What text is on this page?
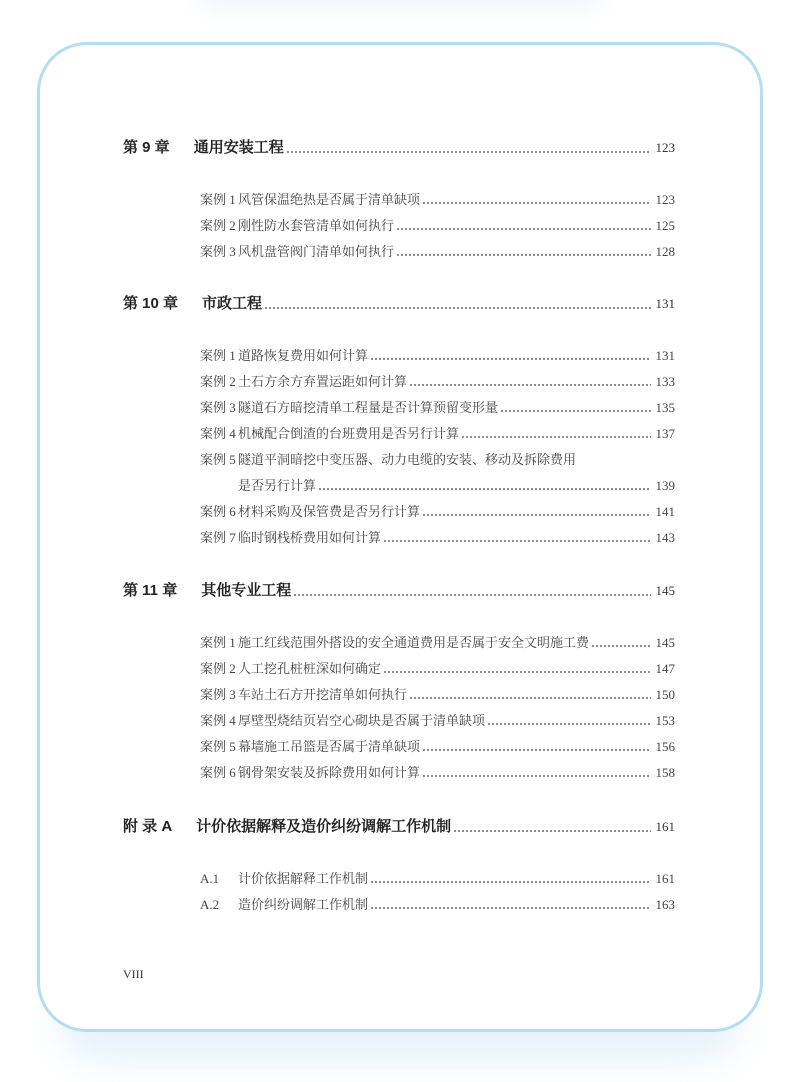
第 9 章 通用安装工程	123
案例 1 风管保温绝热是否属于清单缺项	123
案例 2 刚性防水套管清单如何执行	125
案例 3 风机盘管阀门清单如何执行	128
第 10 章 市政工程	131
案例 1 道路恢复费用如何计算	131
案例 2 土石方余方弃置运距如何计算	133
案例 3 隧道石方暗挖清单工程量是否计算预留变形量	135
案例 4 机械配合倒渣的台班费用是否另行计算	137
案例 5 隧道平洞暗挖中变压器、动力电缆的安装、移动及拆除费用
是否另行计算	139
案例 6 材料采购及保管费是否另行计算	141
案例 7 临时钢栈桥费用如何计算	143
第 11 章 其他专业工程	145
案例 1 施工红线范围外搭设的安全通道费用是否属于安全文明施工费	145
案例 2 人工挖孔桩桩深如何确定	147
案例 3 车站土石方开挖清单如何执行	150
案例 4 厚壁型烧结页岩空心砌块是否属于清单缺项	153
案例 5 幕墙施工吊篮是否属于清单缺项	156
案例 6 钢骨架安装及拆除费用如何计算	158
附 录 A 计价依据解释及造价纠纷调解工作机制	161
A.1	计价依据解释工作机制	161
A.2	造价纠纷调解工作机制	163
VIII
